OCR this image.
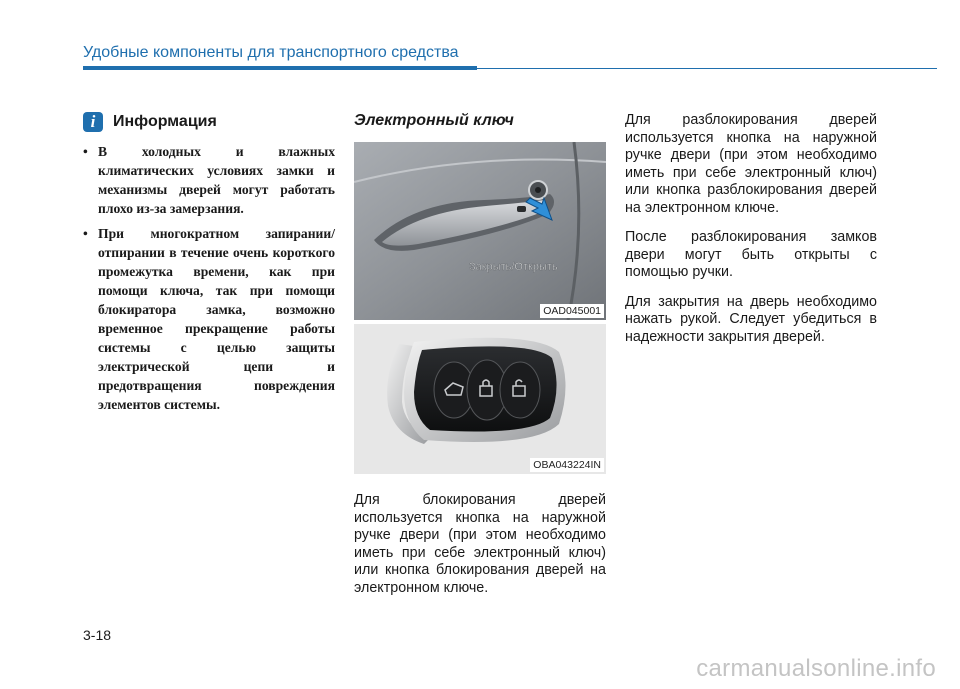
Удобные компоненты для транспортного средства
i	Информация
• В холодных и влажных климатических условиях замки и механизмы дверей могут работать плохо из-за замерзания.
• При многократном запирании/отпирании в течение очень короткого промежутка времени, как при помощи ключа, так при помощи блокиратора замка, возможно временное прекращение работы системы с целью защиты электрической цепи и предотвращения повреждения элементов системы.
Электронный ключ
Закрыть/Открыть
OAD045001
OBA043224IN

Для блокирования дверей используется кнопка на наружной ручке двери (при этом необходимо иметь при себе электронный ключ) или кнопка блокирования дверей на электронном ключе.

Для разблокирования дверей используется кнопка на наружной ручке двери (при этом необходимо иметь при себе электронный ключ) или кнопка разблокирования дверей на электронном ключе.

После разблокирования замков двери могут быть открыты с помощью ручки.

Для закрытия на дверь необходимо нажать рукой. Следует убедиться в надежности закрытия дверей.

3-18
carmanualsonline.info
